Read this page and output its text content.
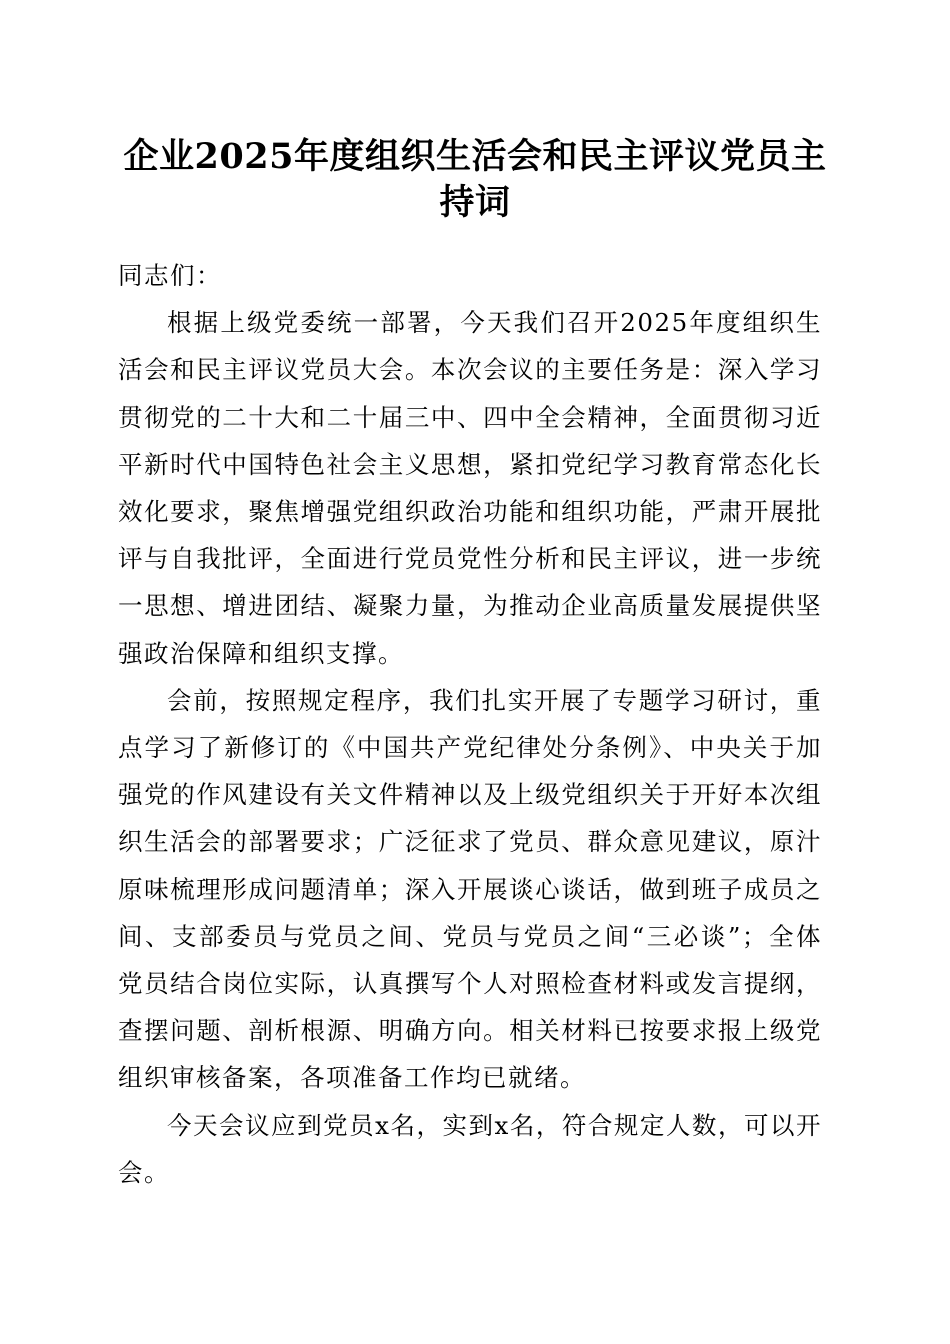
企业2025年度组织生活会和民主评议党员主持词

同志们：

根据上级党委统一部署，今天我们召开2025年度组织生活会和民主评议党员大会。本次会议的主要任务是：深入学习贯彻党的二十大和二十届三中、四中全会精神，全面贯彻习近平新时代中国特色社会主义思想，紧扣党纪学习教育常态化长效化要求，聚焦增强党组织政治功能和组织功能，严肃开展批评与自我批评，全面进行党员党性分析和民主评议，进一步统一思想、增进团结、凝聚力量，为推动企业高质量发展提供坚强政治保障和组织支撑。

会前，按照规定程序，我们扎实开展了专题学习研讨，重点学习了新修订的《中国共产党纪律处分条例》、中央关于加强党的作风建设有关文件精神以及上级党组织关于开好本次组织生活会的部署要求；广泛征求了党员、群众意见建议，原汁原味梳理形成问题清单；深入开展谈心谈话，做到班子成员之间、支部委员与党员之间、党员与党员之间“三必谈”；全体党员结合岗位实际，认真撰写个人对照检查材料或发言提纲，查摆问题、剖析根源、明确方向。相关材料已按要求报上级党组织审核备案，各项准备工作均已就绪。

今天会议应到党员x名，实到x名，符合规定人数，可以开会。
